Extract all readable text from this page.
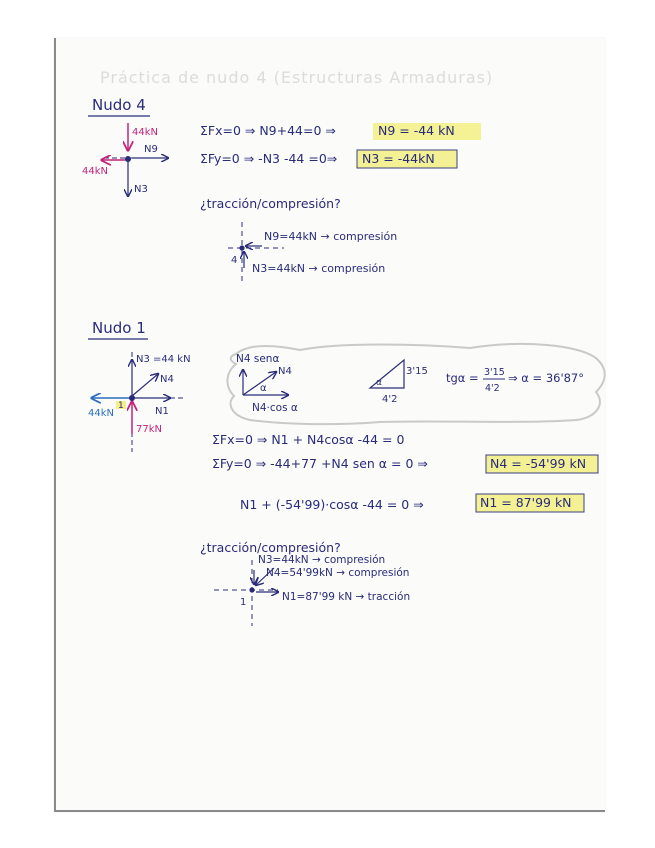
Práctica de nudo 4 (Estructuras Armaduras)
Nudo 4
44kN
N9
44kN
N3
ΣFx=0 ⇒ N9+44=0 ⇒	N9 = -44 kN
ΣFy=0 ⇒ -N3 -44 =0⇒ N3 = -44kN
¿tracción/compresión?
4
N9=44kN → compresión
N3=44kN → compresión
Nudo 1
N3 =44 kN
N4
44kN
1	N1
77kN
N4 senα
N4
α
N4·cos α
3'15
4'2
α	tgα = 3'15
4'2
⇒ α = 36'87°
ΣFx=0 ⇒ N1 + N4cosα -44 = 0
ΣFy=0 ⇒ -44+77 +N4 sen α = 0 ⇒	N4 = -54'99 kN
N1 + (-54'99)·cosα -44 = 0 ⇒	N1 = 87'99 kN
¿tracción/compresión?
1
N3=44kN → compresión
N4=54'99kN → compresión
N1=87'99 kN → tracción
